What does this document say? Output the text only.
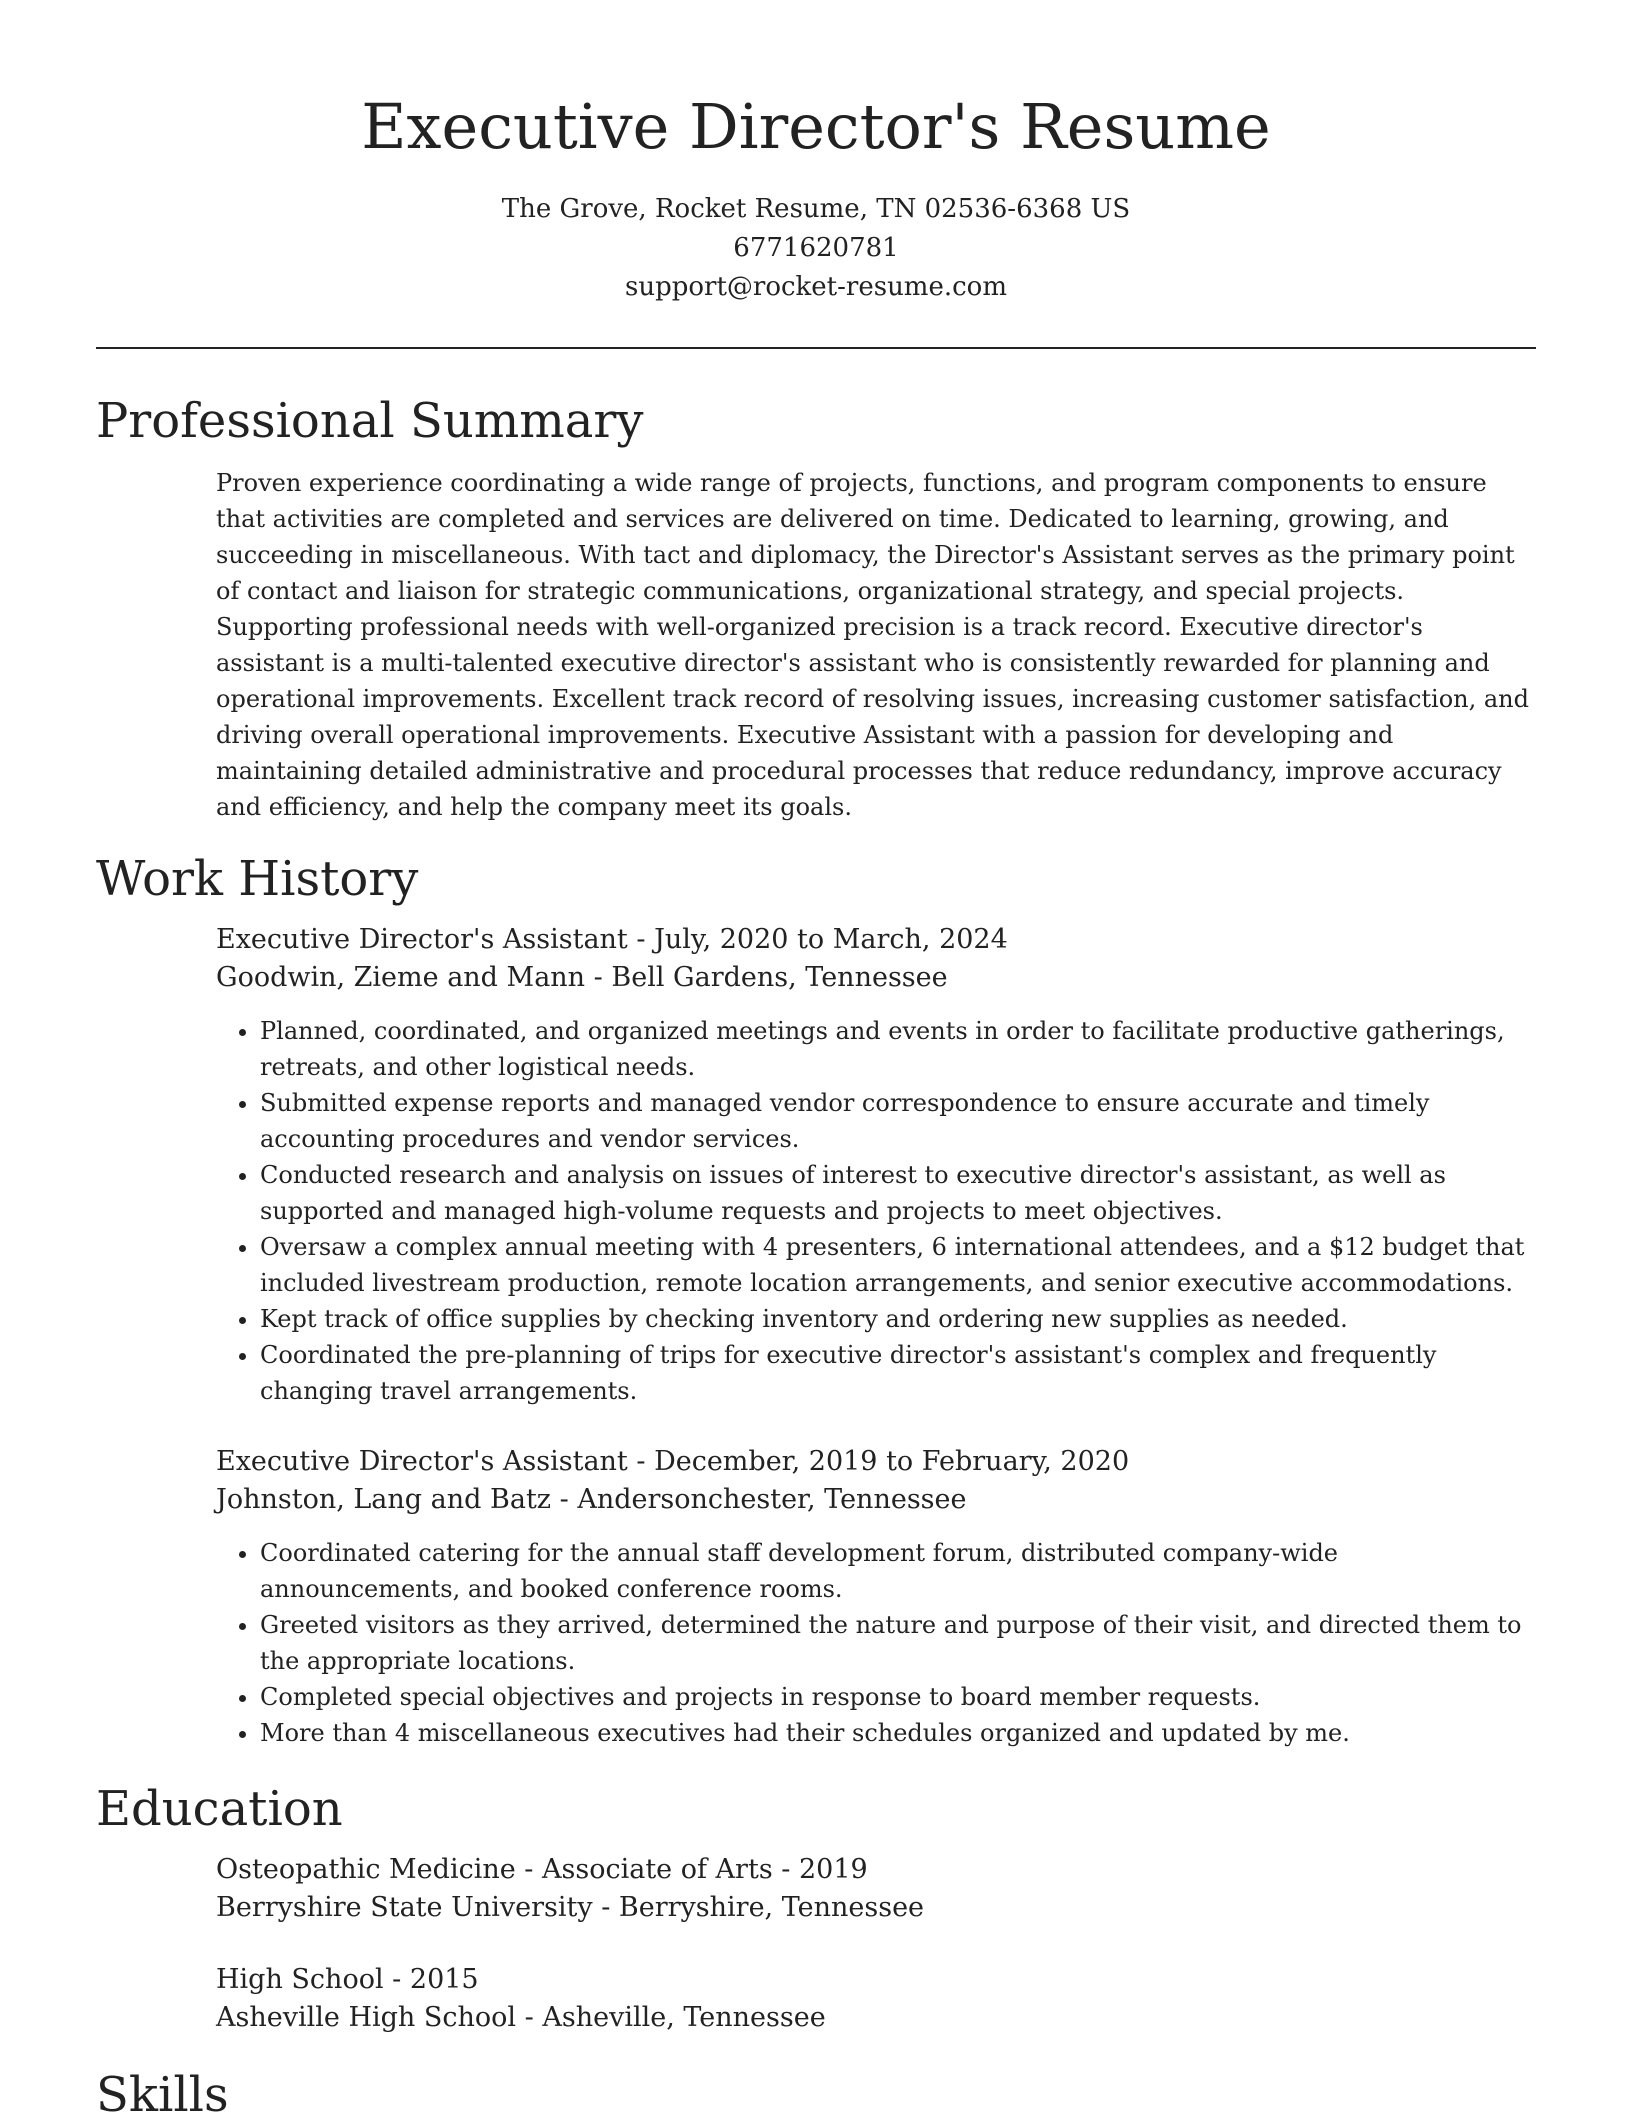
Executive Director's Resume
The Grove, Rocket Resume, TN 02536-6368 US
6771620781
support@rocket-resume.com
Professional Summary

Proven experience coordinating a wide range of projects, functions, and program components to ensure that activities are completed and services are delivered on time. Dedicated to learning, growing, and succeeding in miscellaneous. With tact and diplomacy, the Director's Assistant serves as the primary point of contact and liaison for strategic communications, organizational strategy, and special projects. Supporting professional needs with well-organized precision is a track record. Executive director's assistant is a multi-talented executive director's assistant who is consistently rewarded for planning and operational improvements. Excellent track record of resolving issues, increasing customer satisfaction, and driving overall operational improvements. Executive Assistant with a passion for developing and maintaining detailed administrative and procedural processes that reduce redundancy, improve accuracy and efficiency, and help the company meet its goals.

Work History
Executive Director's Assistant - July, 2020 to March, 2024
Goodwin, Zieme and Mann - Bell Gardens, Tennessee
• Planned, coordinated, and organized meetings and events in order to facilitate productive gatherings, retreats, and other logistical needs.
• Submitted expense reports and managed vendor correspondence to ensure accurate and timely accounting procedures and vendor services.
• Conducted research and analysis on issues of interest to executive director's assistant, as well as supported and managed high-volume requests and projects to meet objectives.
• Oversaw a complex annual meeting with 4 presenters, 6 international attendees, and a $12 budget that included livestream production, remote location arrangements, and senior executive accommodations.
• Kept track of office supplies by checking inventory and ordering new supplies as needed.
• Coordinated the pre-planning of trips for executive director's assistant's complex and frequently changing travel arrangements.
Executive Director's Assistant - December, 2019 to February, 2020
Johnston, Lang and Batz - Andersonchester, Tennessee
• Coordinated catering for the annual staff development forum, distributed company-wide announcements, and booked conference rooms.
• Greeted visitors as they arrived, determined the nature and purpose of their visit, and directed them to the appropriate locations.
• Completed special objectives and projects in response to board member requests.
• More than 4 miscellaneous executives had their schedules organized and updated by me.
Education
Osteopathic Medicine - Associate of Arts - 2019
Berryshire State University - Berryshire, Tennessee
High School - 2015
Asheville High School - Asheville, Tennessee
Skills
